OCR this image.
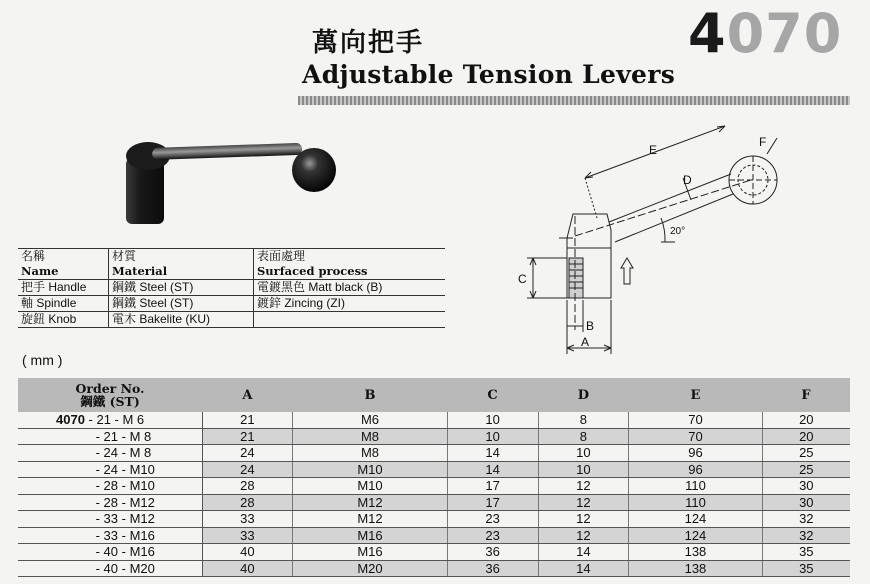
萬向把手
Adjustable Tension Levers
4070
E
F
D
20°
C
B
A
名稱	材質	表面處理
Name	Material	Surfaced process
把手 Handle	鋼鐵 Steel (ST)	電鍍黑色 Matt black (B)
軸 Spindle	鋼鐵 Steel (ST)	鍍鋅 Zincing (ZI)
旋鈕 Knob	電木 Bakelite (KU)	
( mm )
Order No.
鋼鐵 (ST)	A	B	C	D	E	F
4070 - 21 - M 6	21	M6	10	8	70	20
- 21 - M 8	21	M8	10	8	70	20
- 24 - M 8	24	M8	14	10	96	25
- 24 - M10	24	M10	14	10	96	25
- 28 - M10	28	M10	17	12	110	30
- 28 - M12	28	M12	17	12	110	30
- 33 - M12	33	M12	23	12	124	32
- 33 - M16	33	M16	23	12	124	32
- 40 - M16	40	M16	36	14	138	35
- 40 - M20	40	M20	36	14	138	35
